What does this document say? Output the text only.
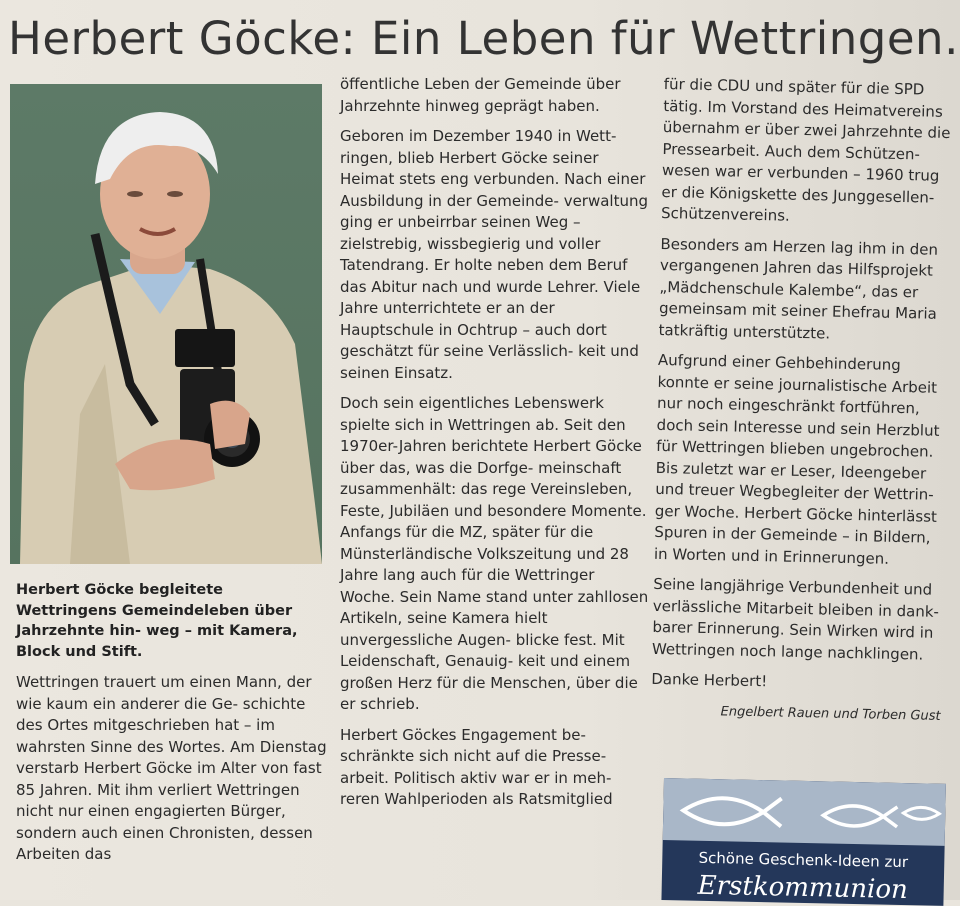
Herbert Göcke: Ein Leben für Wettringen.
Herbert Göcke begleitete Wettringens Gemeindeleben über Jahrzehnte hin- weg – mit Kamera, Block und Stift.

Wettringen trauert um einen Mann, der wie kaum ein anderer die Ge- schichte des Ortes mitgeschrieben hat – im wahrsten Sinne des Wortes. Am Dienstag verstarb Herbert Göcke im Alter von fast 85 Jahren. Mit ihm verliert Wettringen nicht nur einen engagierten Bürger, sondern auch einen Chronisten, dessen Arbeiten das

öffentliche Leben der Gemeinde über Jahrzehnte hinweg geprägt haben.

Geboren im Dezember 1940 in Wett- ringen, blieb Herbert Göcke seiner Heimat stets eng verbunden. Nach einer Ausbildung in der Gemeinde- verwaltung ging er unbeirrbar seinen Weg – zielstrebig, wissbegierig und voller Tatendrang. Er holte neben dem Beruf das Abitur nach und wurde Lehrer. Viele Jahre unterrichtete er an der Hauptschule in Ochtrup – auch dort geschätzt für seine Verlässlich- keit und seinen Einsatz.

Doch sein eigentliches Lebenswerk spielte sich in Wettringen ab. Seit den 1970er-Jahren berichtete Herbert Göcke über das, was die Dorfge- meinschaft zusammenhält: das rege Vereinsleben, Feste, Jubiläen und besondere Momente. Anfangs für die MZ, später für die Münsterländische Volkszeitung und 28 Jahre lang auch für die Wettringer Woche. Sein Name stand unter zahllosen Artikeln, seine Kamera hielt unvergessliche Augen- blicke fest. Mit Leidenschaft, Genauig- keit und einem großen Herz für die Menschen, über die er schrieb.

Herbert Göckes Engagement be- schränkte sich nicht auf die Presse- arbeit. Politisch aktiv war er in meh- reren Wahlperioden als Ratsmitglied

für die CDU und später für die SPD tätig. Im Vorstand des Heimatvereins übernahm er über zwei Jahrzehnte die Pressearbeit. Auch dem Schützen- wesen war er verbunden – 1960 trug er die Königskette des Junggesellen- Schützenvereins.

Besonders am Herzen lag ihm in den vergangenen Jahren das Hilfsprojekt „Mädchenschule Kalembe“, das er gemeinsam mit seiner Ehefrau Maria tatkräftig unterstützte.

Aufgrund einer Gehbehinderung konnte er seine journalistische Arbeit nur noch eingeschränkt fortführen, doch sein Interesse und sein Herzblut für Wettringen blieben ungebrochen. Bis zuletzt war er Leser, Ideengeber und treuer Wegbegleiter der Wettrin- ger Woche. Herbert Göcke hinterlässt Spuren in der Gemeinde – in Bildern, in Worten und in Erinnerungen.

Seine langjährige Verbundenheit und verlässliche Mitarbeit bleiben in dank- barer Erinnerung. Sein Wirken wird in Wettringen noch lange nachklingen.

Danke Herbert!

Engelbert Rauen und Torben Gust
Schöne Geschenk-Ideen zur
Erstkommunion
